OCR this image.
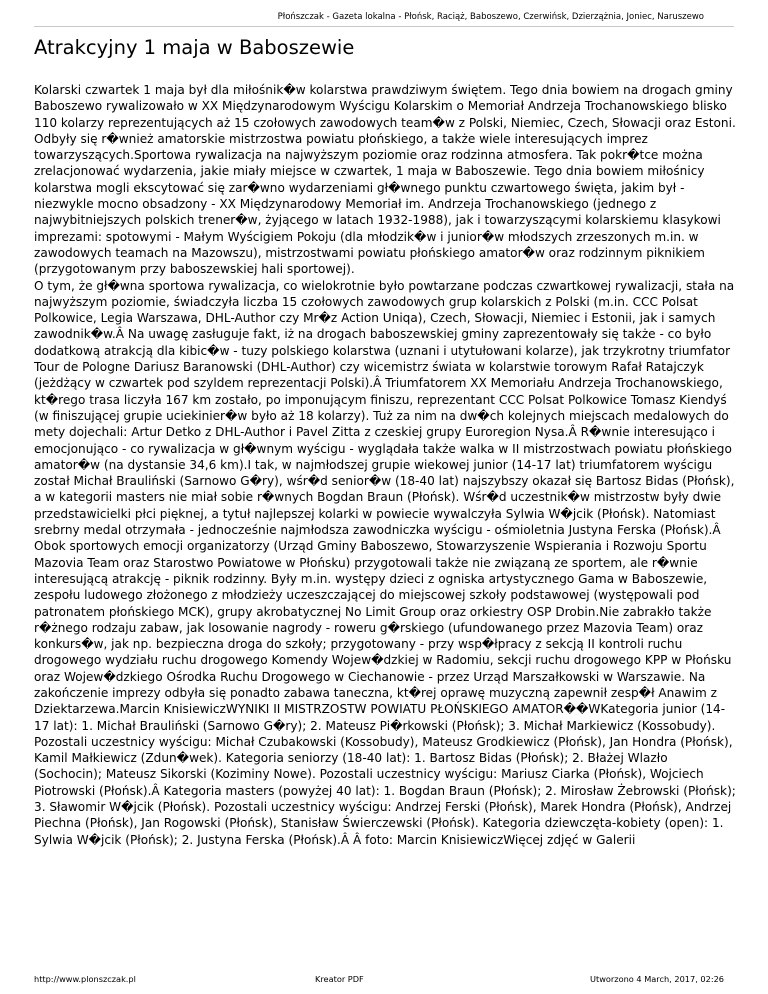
Płońszczak - Gazeta lokalna - Płońsk, Raciąż, Baboszewo, Czerwińsk, Dzierzążnia, Joniec, Naruszewo
Atrakcyjny 1 maja w Baboszewie

Kolarski czwartek 1 maja był dla miłośnik�w kolarstwa prawdziwym świętem. Tego dnia bowiem na drogach gminy Baboszewo rywalizowało w XX Międzynarodowym Wyścigu Kolarskim o Memoriał Andrzeja Trochanowskiego blisko 110 kolarzy reprezentujących aż 15 czołowych zawodowych team�w z Polski, Niemiec, Czech, Słowacji oraz Estoni. Odbyły się r�wnież amatorskie mistrzostwa powiatu płońskiego, a także wiele interesujących imprez towarzyszących.Sportowa rywalizacja na najwyższym poziomie oraz rodzinna atmosfera. Tak pokr�tce można zrelacjonować wydarzenia, jakie miały miejsce w czwartek, 1 maja w Baboszewie. Tego dnia bowiem miłośnicy kolarstwa mogli ekscytować się zar�wno wydarzeniami gł�wnego punktu czwartowego święta, jakim był - niezwykle mocno obsadzony - XX Międzynarodowy Memoriał im. Andrzeja Trochanowskiego (jednego z najwybitniejszych polskich trener�w, żyjącego w latach 1932-1988), jak i towarzyszącymi kolarskiemu klasykowi imprezami: spotowymi - Małym Wyścigiem Pokoju (dla młodzik�w i junior�w młodszych zrzeszonych m.in. w zawodowych teamach na Mazowszu), mistrzostwami powiatu płońskiego amator�w oraz rodzinnym piknikiem (przygotowanym przy baboszewskiej hali sportowej).

O tym, że gł�wna sportowa rywalizacja, co wielokrotnie było powtarzane podczas czwartkowej rywalizacji, stała na najwyższym poziomie, świadczyła liczba 15 czołowych zawodowych grup kolarskich z Polski (m.in. CCC Polsat Polkowice, Legia Warszawa, DHL-Author czy Mr�z Action Uniqa), Czech, Słowacji, Niemiec i Estonii, jak i samych zawodnik�w.Â Na uwagę zasługuje fakt, iż na drogach baboszewskiej gminy zaprezentowały się także - co było dodatkową atrakcją dla kibic�w - tuzy polskiego kolarstwa (uznani i utytułowani kolarze), jak trzykrotny triumfator Tour de Pologne Dariusz Baranowski (DHL-Author) czy wicemistrz świata w kolarstwie torowym Rafał Ratajczyk (jeżdżący w czwartek pod szyldem reprezentacji Polski).Â Triumfatorem XX Memoriału Andrzeja Trochanowskiego, kt�rego trasa liczyła 167 km zostało, po imponującym finiszu, reprezentant CCC Polsat Polkowice Tomasz Kiendyś (w finiszującej grupie uciekinier�w było aż 18 kolarzy). Tuż za nim na dw�ch kolejnych miejscach medalowych do mety dojechali: Artur Detko z DHL-Author i Pavel Zitta z czeskiej grupy Euroregion Nysa.Â R�wnie interesująco i emocjonująco - co rywalizacja w gł�wnym wyścigu - wyglądała także walka w II mistrzostwach powiatu płońskiego amator�w (na dystansie 34,6 km).I tak, w najmłodszej grupie wiekowej junior (14-17 lat) triumfatorem wyścigu został Michał Brauliński (Sarnowo G�ry), wśr�d senior�w (18-40 lat) najszybszy okazał się Bartosz Bidas (Płońsk), a w kategorii masters nie miał sobie r�wnych Bogdan Braun (Płońsk). Wśr�d uczestnik�w mistrzostw były dwie przedstawicielki płci pięknej, a tytuł najlepszej kolarki w powiecie wywalczyła Sylwia W�jcik (Płońsk). Natomiast srebrny medal otrzymała - jednocześnie najmłodsza zawodniczka wyścigu - ośmioletnia Justyna Ferska (Płońsk).Â Obok sportowych emocji organizatorzy (Urząd Gminy Baboszewo, Stowarzyszenie Wspierania i Rozwoju Sportu Mazovia Team oraz Starostwo Powiatowe w Płońsku) przygotowali także nie związaną ze sportem, ale r�wnie interesującą atrakcję - piknik rodzinny. Były m.in. występy dzieci z ogniska artystycznego Gama w Baboszewie, zespołu ludowego złożonego z młodzieży uczeszczającej do miejscowej szkoły podstawowej (występowali pod patronatem płońskiego MCK), grupy akrobatycznej No Limit Group oraz orkiestry OSP Drobin.Nie zabrakło także r�żnego rodzaju zabaw, jak losowanie nagrody - roweru g�rskiego (ufundowanego przez Mazovia Team) oraz konkurs�w, jak np. bezpieczna droga do szkoły; przygotowany - przy wsp�łpracy z sekcją II kontroli ruchu drogowego wydziału ruchu drogowego Komendy Wojew�dzkiej w Radomiu, sekcji ruchu drogowego KPP w Płońsku oraz Wojew�dzkiego Ośrodka Ruchu Drogowego w Ciechanowie - przez Urząd Marszałkowski w Warszawie. Na zakończenie imprezy odbyła się ponadto zabawa taneczna, kt�rej oprawę muzyczną zapewnił zesp�ł Anawim z Dziektarzewa.Marcin KnisiewiczWYNIKI II MISTRZOSTW POWIATU PŁOŃSKIEGO AMATOR��WKategoria junior (14-17 lat): 1. Michał Brauliński (Sarnowo G�ry); 2. Mateusz Pi�rkowski (Płońsk); 3. Michał Markiewicz (Kossobudy). Pozostali uczestnicy wyścigu: Michał Czubakowski (Kossobudy), Mateusz Grodkiewicz (Płońsk), Jan Hondra (Płońsk), Kamil Małkiewicz (Zdun�wek). Kategoria seniorzy (18-40 lat): 1. Bartosz Bidas (Płońsk); 2. Błażej Wlazło (Sochocin); Mateusz Sikorski (Koziminy Nowe). Pozostali uczestnicy wyścigu: Mariusz Ciarka (Płońsk), Wojciech Piotrowski (Płońsk).Â Kategoria masters (powyżej 40 lat): 1. Bogdan Braun (Płońsk); 2. Mirosław Żebrowski (Płońsk); 3. Sławomir W�jcik (Płońsk). Pozostali uczestnicy wyścigu: Andrzej Ferski (Płońsk), Marek Hondra (Płońsk), Andrzej Piechna (Płońsk), Jan Rogowski (Płońsk), Stanisław Świerczewski (Płońsk). Kategoria dziewczęta-kobiety (open): 1. Sylwia W�jcik (Płońsk); 2. Justyna Ferska (Płońsk).Â Â foto: Marcin KnisiewiczWięcej zdjęć w Galerii

http://www.plonszczak.pl	Kreator PDF	Utworzono 4 March, 2017, 02:26
